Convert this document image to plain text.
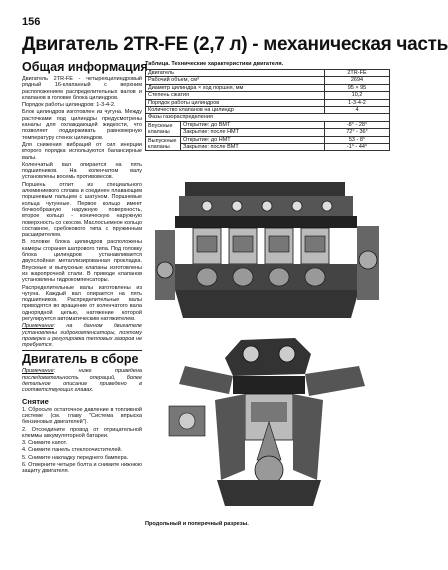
156
Двигатель 2TR-FE (2,7 л) - механическая часть
Общая информация

Двигатель 2TR-FE - четырехцилиндровый рядный 16-клапанный с верхним расположением распределительных валов и клапанов в головке блока цилиндров.

Порядок работы цилиндров: 1-3-4-2.

Блок цилиндров изготовлен из чугуна. Между расточками под цилиндры предусмотрены каналы для охлаждающей жидкости, что позволяет поддерживать равномерную температуру стенок цилиндров.

Для снижения вибраций от сил инерции второго порядка используются балансирные валы.

Коленчатый вал опирается на пять подшипников. На коленчатом валу установлены восемь противовесов.

Поршень отлит из специального алюминиевого сплава и соединен плавающим поршневым пальцем с шатуном. Поршневые кольца чугунные. Первое кольцо имеет бочкообразную наружную поверхность, второе кольцо - коническую наружную поверхность со скосом. Маслосъемное кольцо составное, сребокового типа с пружинным расширителем.

В головке блока цилиндров расположены камеры сгорания шатрового типа. Под головку блока цилиндров устанавливается двухслойная металлизированная прокладка. Впускные и выпускные клапаны изготовлены из жаропрочной стали. В приводе клапанов установлены гидрокомпенсаторы.

Распределительные валы изготовлены из чугуна. Каждый вал опирается на пять подшипников. Распределительные валы приводятся во вращение от коленчатого вала однорядной цепью, натяжение которой регулируется автоматическим натяжителем.

Примечание: на данном двигателе установлены гидрокомпенсаторы, поэтому проверка и регулировка тепловых зазоров не требуется.

Двигатель в сборе

Примечание: ниже приведена последовательность операций, более детальное описание приведено в соответствующих главах.

Снятие

1. Сбросьте остаточное давление в топливной системе (см. главу "Система впрыска бензиновых двигателей").

2. Отсоедините провод от отрицательной клеммы аккумуляторной батареи.

3. Снимите капот.

4. Снимите панель стеклоочистителей.

5. Снимите накладку переднего бампера.

6. Отверните четыре болта и снимите нижнюю защиту двигателя.

Таблица. Технические характеристики двигателя.
Двигатель		2TR-FE
Рабочий объем, см³		2694
Диаметр цилиндра × ход поршня, мм		95 × 95
Степень сжатия		10,2
Порядок работы цилиндров		1-3-4-2
Количество клапанов на цилиндр		4
Фазы газораспределения		
Впускные клапаны	Открытие: до ВМТ	-8° - 28°
	Закрытие: после НМТ	72° - 36°
Выпускные клапаны	Открытие: до НМТ	53 - 8°
	Закрытие: после ВМТ	-1° - 44°
Продольный и поперечный разрезы.
